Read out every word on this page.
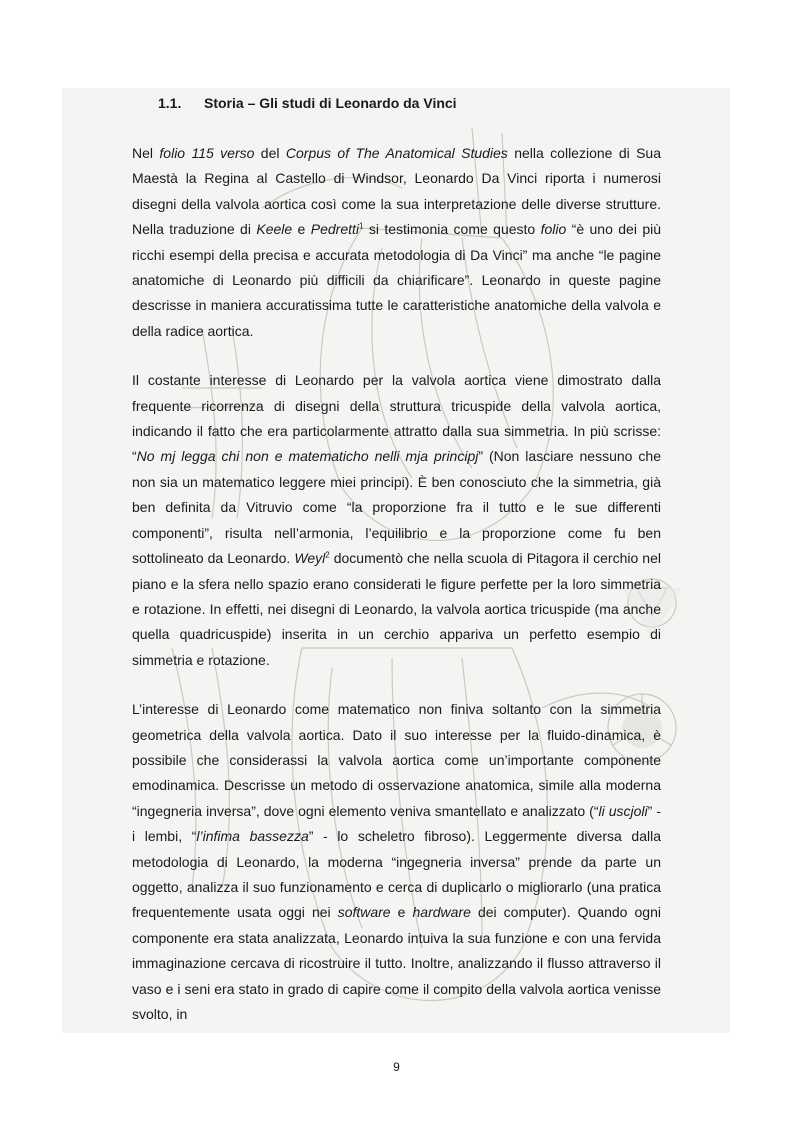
1.1. Storia – Gli studi di Leonardo da Vinci

Nel folio 115 verso del Corpus of The Anatomical Studies nella collezione di Sua Maestà la Regina al Castello di Windsor, Leonardo Da Vinci riporta i numerosi disegni della valvola aortica così come la sua interpretazione delle diverse strutture. Nella traduzione di Keele e Pedretti$^1$ si testimonia come questo folio “è uno dei più ricchi esempi della precisa e accurata metodologia di Da Vinci” ma anche “le pagine anatomiche di Leonardo più difficili da chiarificare”. Leonardo in queste pagine descrisse in maniera accuratissima tutte le caratteristiche anatomiche della valvola e della radice aortica.

Il costante interesse di Leonardo per la valvola aortica viene dimostrato dalla frequente ricorrenza di disegni della struttura tricuspide della valvola aortica, indicando il fatto che era particolarmente attratto dalla sua simmetria. In più scrisse: “No mj legga chi non e matematicho nelli mja principj” (Non lasciare nessuno che non sia un matematico leggere miei principi). È ben conosciuto che la simmetria, già ben definita da Vitruvio come “la proporzione fra il tutto e le sue differenti componenti”, risulta nell’armonia, l’equilibrio e la proporzione come fu ben sottolineato da Leonardo. Weyl$^2$ documentò che nella scuola di Pitagora il cerchio nel piano e la sfera nello spazio erano considerati le figure perfette per la loro simmetria e rotazione. In effetti, nei disegni di Leonardo, la valvola aortica tricuspide (ma anche quella quadricuspide) inserita in un cerchio appariva un perfetto esempio di simmetria e rotazione.

L’interesse di Leonardo come matematico non finiva soltanto con la simmetria geometrica della valvola aortica. Dato il suo interesse per la fluido-dinamica, è possibile che considerassi la valvola aortica come un’importante componente emodinamica. Descrisse un metodo di osservazione anatomica, simile alla moderna “ingegneria inversa”, dove ogni elemento veniva smantellato e analizzato (“li uscjoli” - i lembi, “l’infima bassezza” - lo scheletro fibroso). Leggermente diversa dalla metodologia di Leonardo, la moderna “ingegneria inversa” prende da parte un oggetto, analizza il suo funzionamento e cerca di duplicarlo o migliorarlo (una pratica frequentemente usata oggi nei software e hardware dei computer). Quando ogni componente era stata analizzata, Leonardo intuiva la sua funzione e con una fervida immaginazione cercava di ricostruire il tutto. Inoltre, analizzando il flusso attraverso il vaso e i seni era stato in grado di capire come il compito della valvola aortica venisse svolto, in

9
